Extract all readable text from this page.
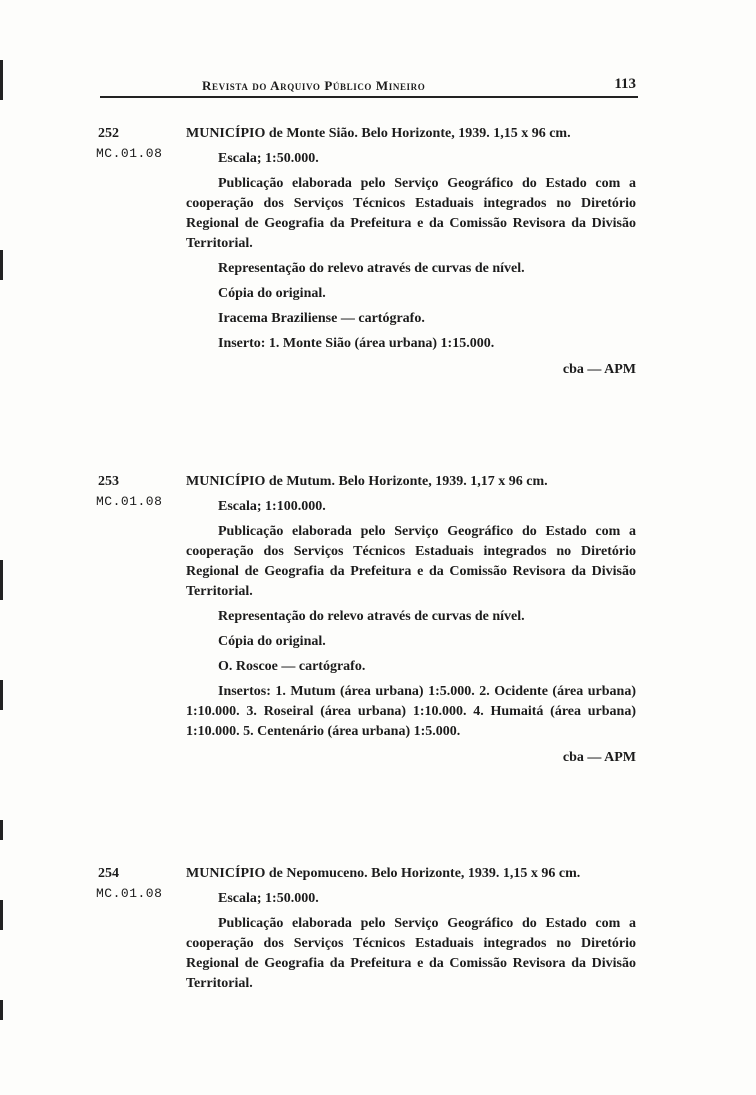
Revista do Arquivo Público Mineiro	113
252
MC.01.08

MUNICÍPIO de Monte Sião. Belo Horizonte, 1939. 1,15 x 96 cm.

Escala; 1:50.000.

Publicação elaborada pelo Serviço Geográfico do Estado com a cooperação dos Serviços Técnicos Estaduais integrados no Diretório Regional de Geografia da Prefeitura e da Comissão Revisora da Divisão Territorial.

Representação do relevo através de curvas de nível.

Cópia do original.

Iracema Braziliense — cartógrafo.

Inserto: 1. Monte Sião (área urbana) 1:15.000.

cba — APM

253
MC.01.08

MUNICÍPIO de Mutum. Belo Horizonte, 1939. 1,17 x 96 cm.

Escala; 1:100.000.

Publicação elaborada pelo Serviço Geográfico do Estado com a cooperação dos Serviços Técnicos Estaduais integrados no Diretório Regional de Geografia da Prefeitura e da Comissão Revisora da Divisão Territorial.

Representação do relevo através de curvas de nível.

Cópia do original.

O. Roscoe — cartógrafo.

Insertos: 1. Mutum (área urbana) 1:5.000. 2. Ocidente (área urbana) 1:10.000. 3. Roseiral (área urbana) 1:10.000. 4. Humaitá (área urbana) 1:10.000. 5. Centenário (área urbana) 1:5.000.

cba — APM

254
MC.01.08

MUNICÍPIO de Nepomuceno. Belo Horizonte, 1939. 1,15 x 96 cm.

Escala; 1:50.000.

Publicação elaborada pelo Serviço Geográfico do Estado com a cooperação dos Serviços Técnicos Estaduais integrados no Diretório Regional de Geografia da Prefeitura e da Comissão Revisora da Divisão Territorial.
